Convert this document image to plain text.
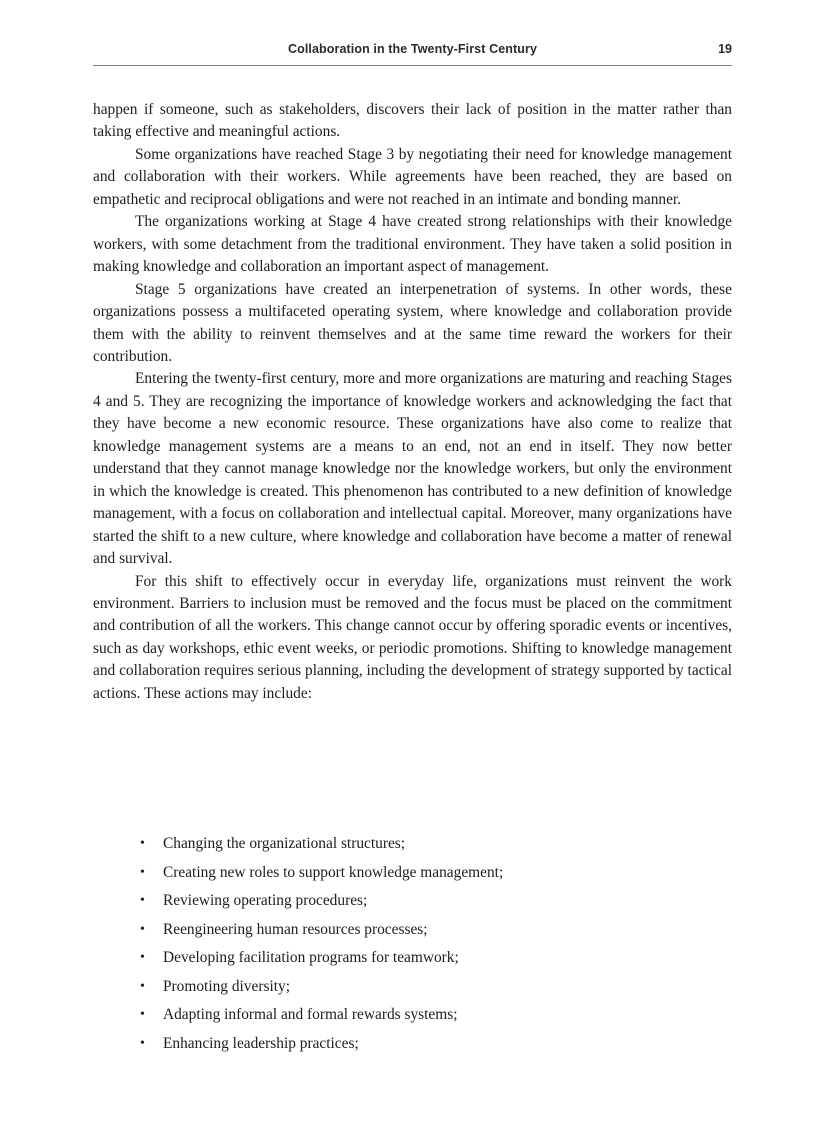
Collaboration in the Twenty-First Century	19

happen if someone, such as stakeholders, discovers their lack of position in the matter rather than taking effective and meaningful actions.

Some organizations have reached Stage 3 by negotiating their need for knowledge management and collaboration with their workers. While agreements have been reached, they are based on empathetic and reciprocal obligations and were not reached in an intimate and bonding manner.

The organizations working at Stage 4 have created strong relationships with their knowledge workers, with some detachment from the traditional environment. They have taken a solid position in making knowledge and collaboration an important aspect of management.

Stage 5 organizations have created an interpenetration of systems. In other words, these organizations possess a multifaceted operating system, where knowledge and collaboration provide them with the ability to reinvent themselves and at the same time reward the workers for their contribution.

Entering the twenty-first century, more and more organizations are maturing and reaching Stages 4 and 5. They are recognizing the importance of knowledge workers and acknowledging the fact that they have become a new economic resource. These organizations have also come to realize that knowledge management systems are a means to an end, not an end in itself. They now better understand that they cannot manage knowledge nor the knowledge workers, but only the environment in which the knowledge is created. This phenomenon has contributed to a new definition of knowledge management, with a focus on collaboration and intellectual capital. Moreover, many organizations have started the shift to a new culture, where knowledge and collaboration have become a matter of renewal and survival.

For this shift to effectively occur in everyday life, organizations must reinvent the work environment. Barriers to inclusion must be removed and the focus must be placed on the commitment and contribution of all the workers. This change cannot occur by offering sporadic events or incentives, such as day workshops, ethic event weeks, or periodic promotions. Shifting to knowledge management and collaboration requires serious planning, including the development of strategy supported by tactical actions. These actions may include:

• Changing the organizational structures;
• Creating new roles to support knowledge management;
• Reviewing operating procedures;
• Reengineering human resources processes;
• Developing facilitation programs for teamwork;
• Promoting diversity;
• Adapting informal and formal rewards systems;
• Enhancing leadership practices;
